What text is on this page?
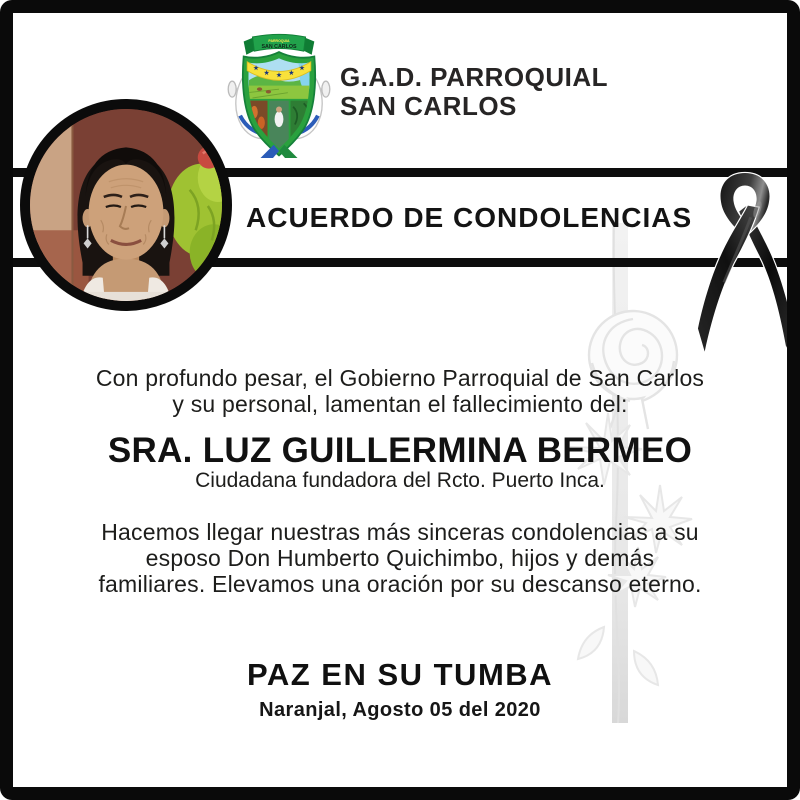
PARROQUIA
SAN CARLOS
G.A.D. PARROQUIAL
SAN CARLOS
ACUERDO DE CONDOLENCIAS
Con profundo pesar, el Gobierno Parroquial de San Carlos
y su personal, lamentan el fallecimiento del:
SRA. LUZ GUILLERMINA BERMEO
Ciudadana fundadora del Rcto. Puerto Inca.
Hacemos llegar nuestras más sinceras condolencias a su
esposo Don Humberto Quichimbo, hijos y demás
familiares. Elevamos una oración por su descanso eterno.
PAZ EN SU TUMBA
Naranjal, Agosto 05 del 2020
